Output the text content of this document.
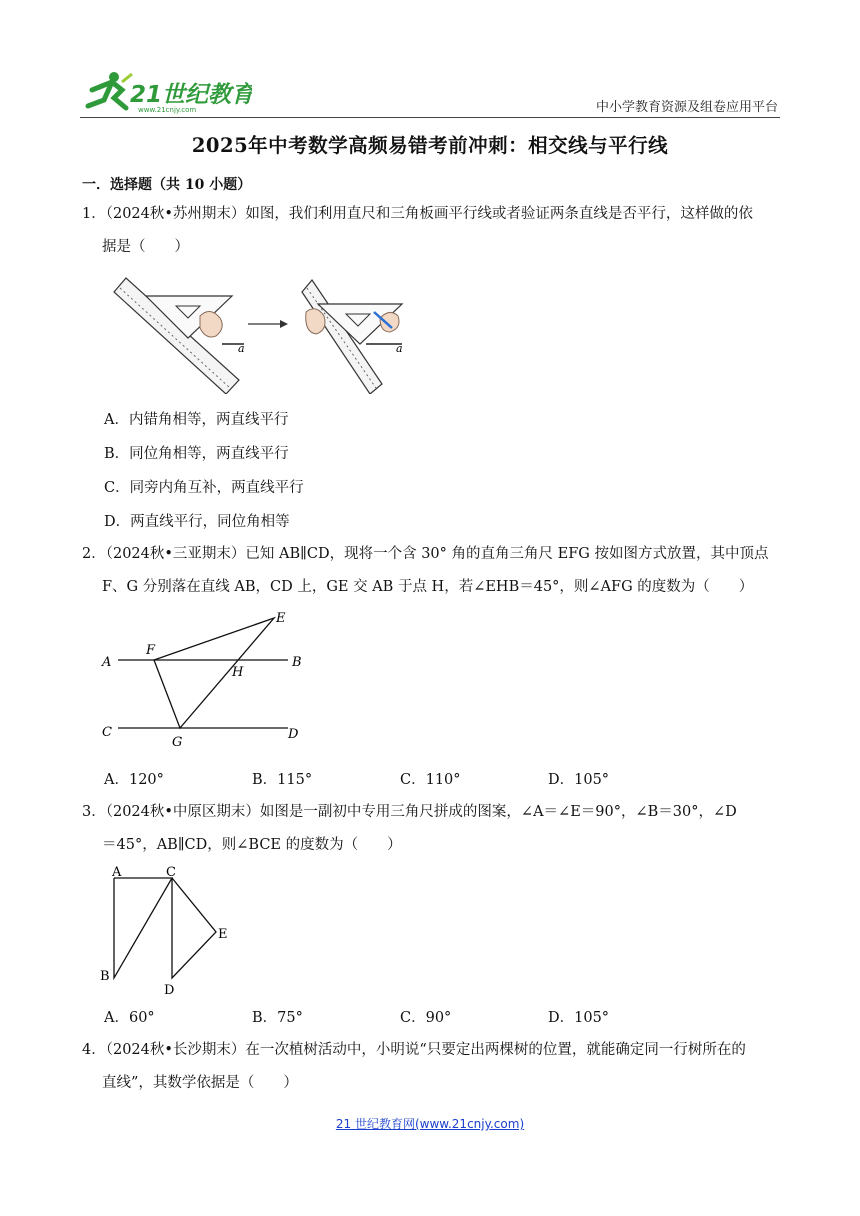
21世纪教育
www.21cnjy.com	中小学教育资源及组卷应用平台
2025年中考数学高频易错考前冲刺：相交线与平行线
一．选择题（共 10 小题）
1．（2024秋•苏州期末）如图，我们利用直尺和三角板画平行线或者验证两条直线是否平行，这样做的依
据是（　　）
a	a
A．内错角相等，两直线平行
B．同位角相等，两直线平行
C．同旁内角互补，两直线平行
D．两直线平行，同位角相等
2．（2024秋•三亚期末）已知 AB∥CD，现将一个含 30° 角的直角三角尺 EFG 按如图方式放置，其中顶点
F、G 分别落在直线 AB，CD 上，GE 交 AB 于点 H，若∠EHB＝45°，则∠AFG 的度数为（　　）
A	B
C	D
E
F
G
H
A．120°	B．115°	C．110°	D．105°
3．（2024秋•中原区期末）如图是一副初中专用三角尺拼成的图案，∠A＝∠E＝90°，∠B＝30°，∠D
＝45°，AB∥CD，则∠BCE 的度数为（　　）
A
B
C
D
E
A．60°	B．75°	C．90°	D．105°
4．（2024秋•长沙期末）在一次植树活动中，小明说“只要定出两棵树的位置，就能确定同一行树所在的
直线”，其数学依据是（　　）
21 世纪教育网(www.21cnjy.com)
